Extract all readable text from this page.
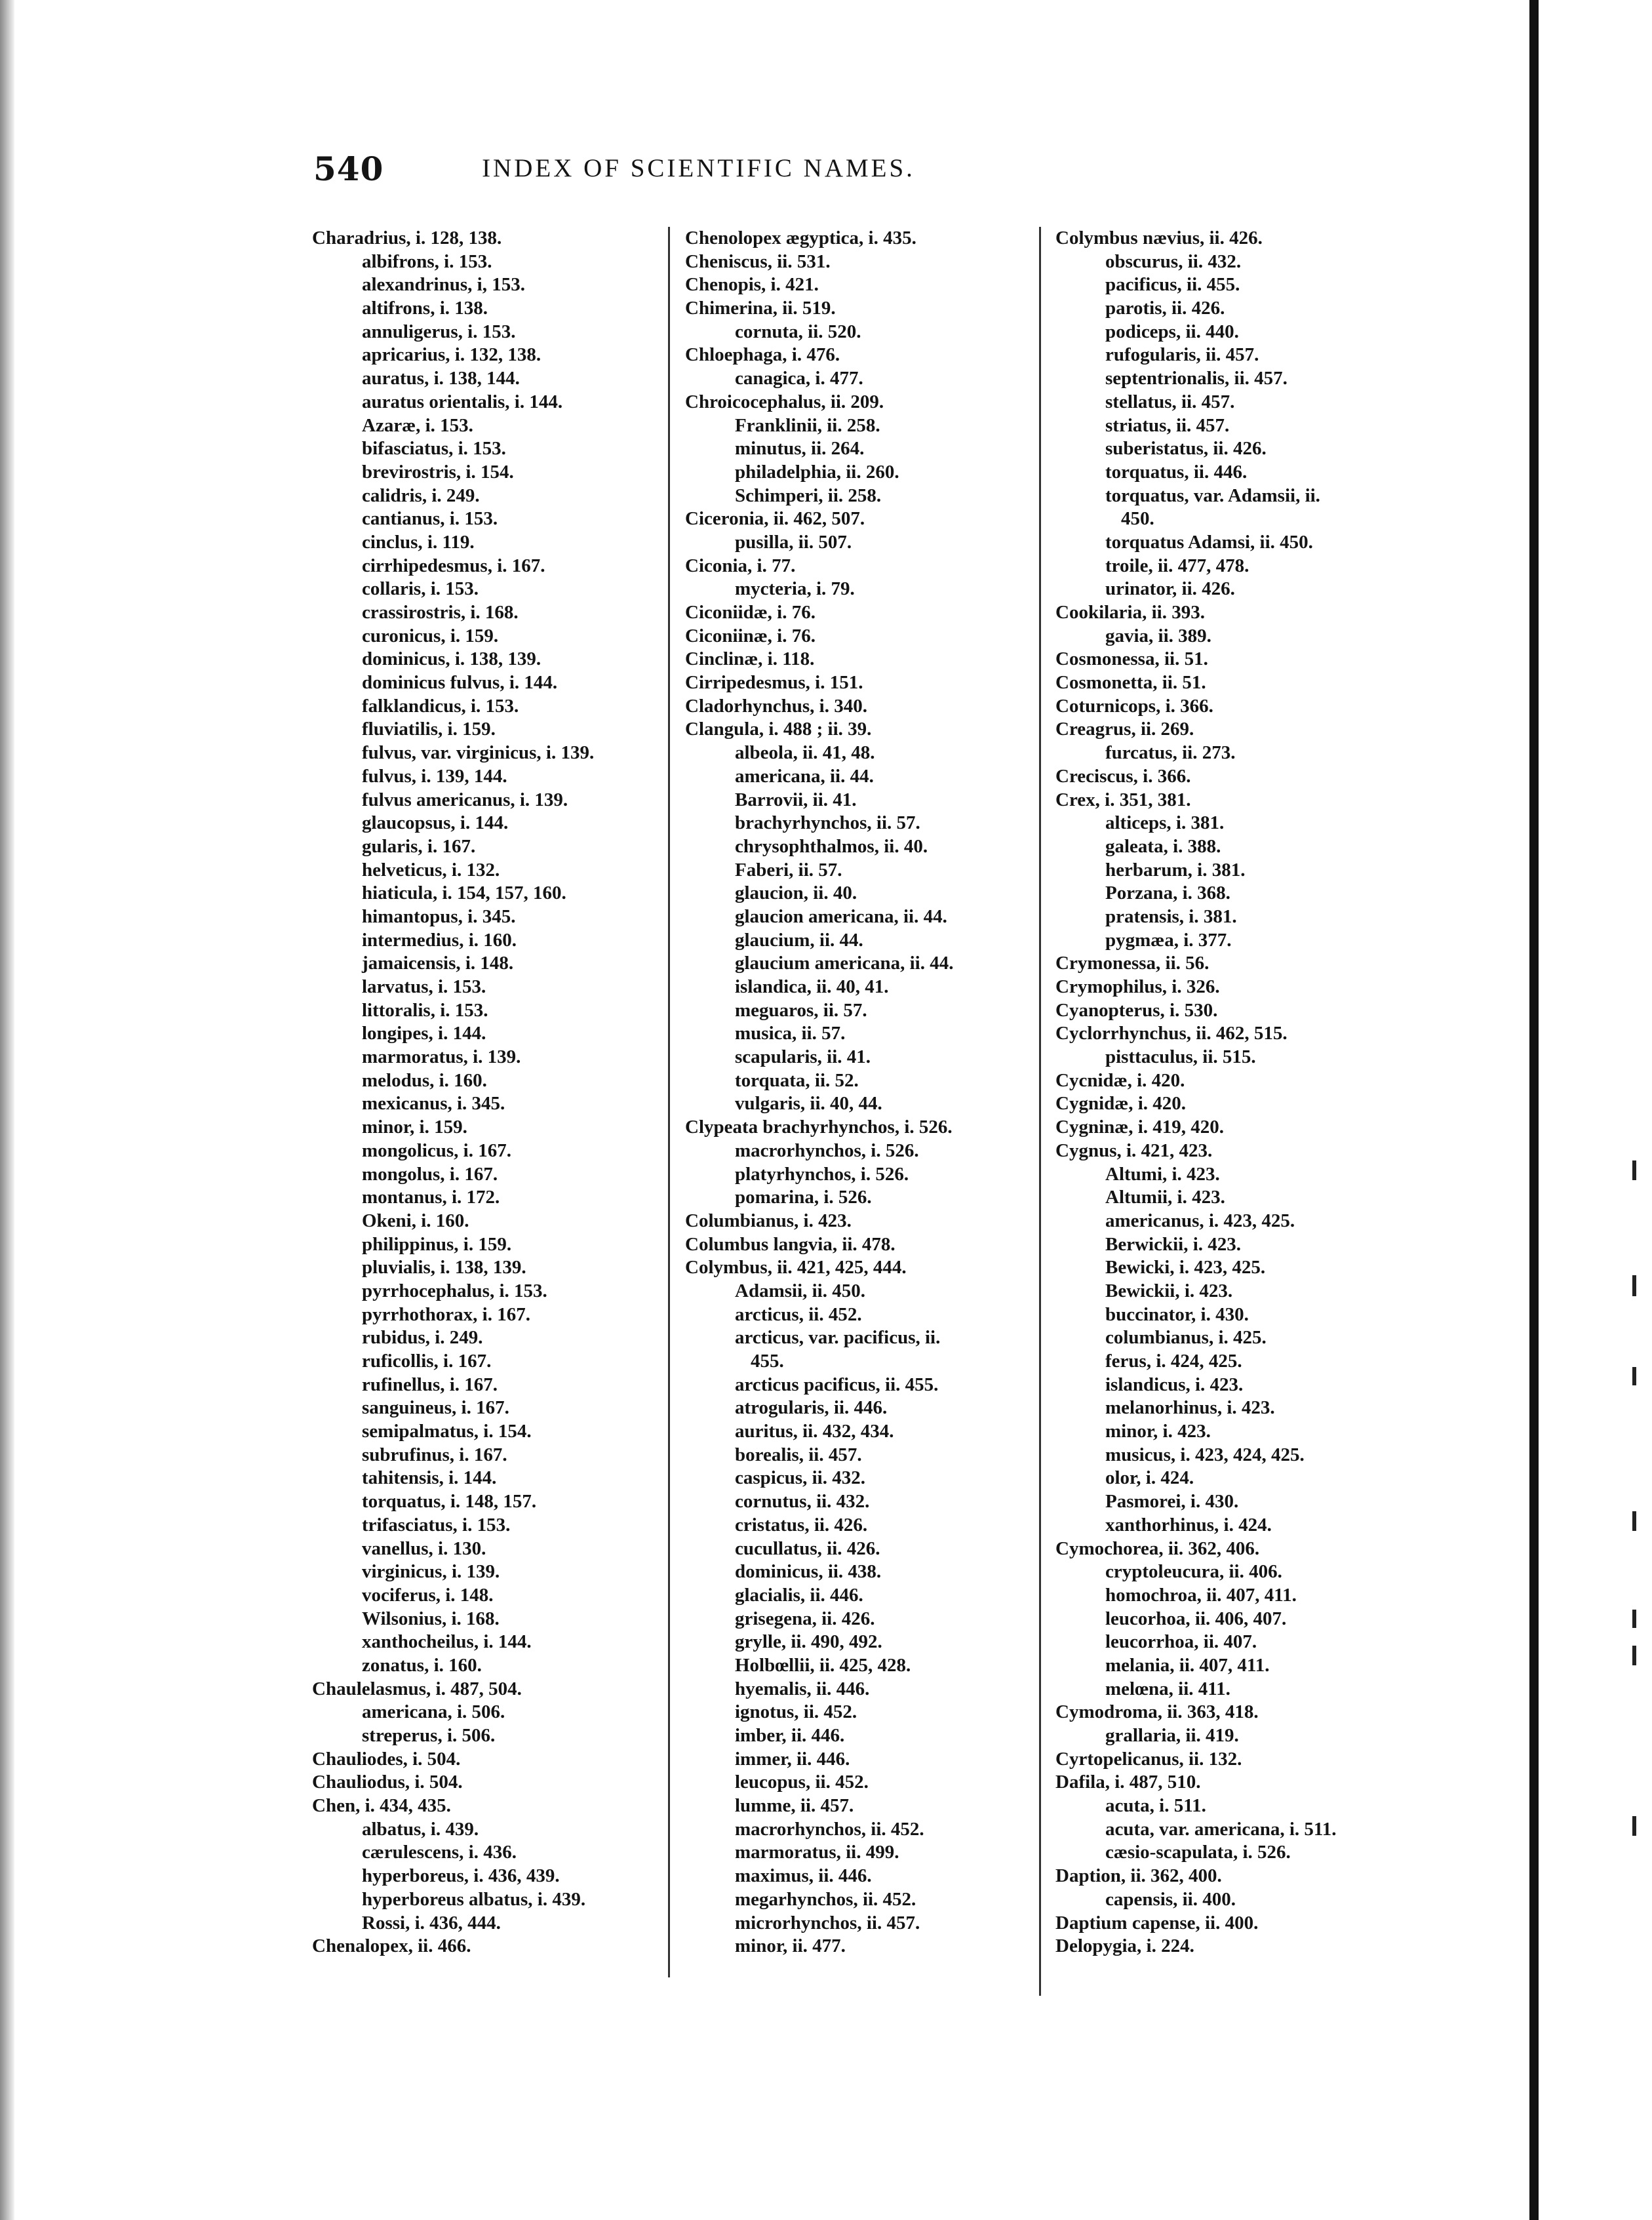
540	INDEX OF SCIENTIFIC NAMES.
Charadrius, i. 128, 138.
albifrons, i. 153.
alexandrinus, i, 153.
altifrons, i. 138.
annuligerus, i. 153.
apricarius, i. 132, 138.
auratus, i. 138, 144.
auratus orientalis, i. 144.
Azaræ, i. 153.
bifasciatus, i. 153.
brevirostris, i. 154.
calidris, i. 249.
cantianus, i. 153.
cinclus, i. 119.
cirrhipedesmus, i. 167.
collaris, i. 153.
crassirostris, i. 168.
curonicus, i. 159.
dominicus, i. 138, 139.
dominicus fulvus, i. 144.
falklandicus, i. 153.
fluviatilis, i. 159.
fulvus, var. virginicus, i. 139.
fulvus, i. 139, 144.
fulvus americanus, i. 139.
glaucopsus, i. 144.
gularis, i. 167.
helveticus, i. 132.
hiaticula, i. 154, 157, 160.
himantopus, i. 345.
intermedius, i. 160.
jamaicensis, i. 148.
larvatus, i. 153.
littoralis, i. 153.
longipes, i. 144.
marmoratus, i. 139.
melodus, i. 160.
mexicanus, i. 345.
minor, i. 159.
mongolicus, i. 167.
mongolus, i. 167.
montanus, i. 172.
Okeni, i. 160.
philippinus, i. 159.
pluvialis, i. 138, 139.
pyrrhocephalus, i. 153.
pyrrhothorax, i. 167.
rubidus, i. 249.
ruficollis, i. 167.
rufinellus, i. 167.
sanguineus, i. 167.
semipalmatus, i. 154.
subrufinus, i. 167.
tahitensis, i. 144.
torquatus, i. 148, 157.
trifasciatus, i. 153.
vanellus, i. 130.
virginicus, i. 139.
vociferus, i. 148.
Wilsonius, i. 168.
xanthocheilus, i. 144.
zonatus, i. 160.
Chaulelasmus, i. 487, 504.
americana, i. 506.
streperus, i. 506.
Chauliodes, i. 504.
Chauliodus, i. 504.
Chen, i. 434, 435.
albatus, i. 439.
cærulescens, i. 436.
hyperboreus, i. 436, 439.
hyperboreus albatus, i. 439.
Rossi, i. 436, 444.
Chenalopex, ii. 466.
Chenolopex ægyptica, i. 435.
Cheniscus, ii. 531.
Chenopis, i. 421.
Chimerina, ii. 519.
cornuta, ii. 520.
Chloephaga, i. 476.
canagica, i. 477.
Chroicocephalus, ii. 209.
Franklinii, ii. 258.
minutus, ii. 264.
philadelphia, ii. 260.
Schimperi, ii. 258.
Ciceronia, ii. 462, 507.
pusilla, ii. 507.
Ciconia, i. 77.
mycteria, i. 79.
Ciconiidæ, i. 76.
Ciconiinæ, i. 76.
Cinclinæ, i. 118.
Cirripedesmus, i. 151.
Cladorhynchus, i. 340.
Clangula, i. 488 ; ii. 39.
albeola, ii. 41, 48.
americana, ii. 44.
Barrovii, ii. 41.
brachyrhynchos, ii. 57.
chrysophthalmos, ii. 40.
Faberi, ii. 57.
glaucion, ii. 40.
glaucion americana, ii. 44.
glaucium, ii. 44.
glaucium americana, ii. 44.
islandica, ii. 40, 41.
meguaros, ii. 57.
musica, ii. 57.
scapularis, ii. 41.
torquata, ii. 52.
vulgaris, ii. 40, 44.
Clypeata brachyrhynchos, i. 526.
macrorhynchos, i. 526.
platyrhynchos, i. 526.
pomarina, i. 526.
Columbianus, i. 423.
Columbus langvia, ii. 478.
Colymbus, ii. 421, 425, 444.
Adamsii, ii. 450.
arcticus, ii. 452.
arcticus, var. pacificus, ii.
455.
arcticus pacificus, ii. 455.
atrogularis, ii. 446.
auritus, ii. 432, 434.
borealis, ii. 457.
caspicus, ii. 432.
cornutus, ii. 432.
cristatus, ii. 426.
cucullatus, ii. 426.
dominicus, ii. 438.
glacialis, ii. 446.
grisegena, ii. 426.
grylle, ii. 490, 492.
Holbœllii, ii. 425, 428.
hyemalis, ii. 446.
ignotus, ii. 452.
imber, ii. 446.
immer, ii. 446.
leucopus, ii. 452.
lumme, ii. 457.
macrorhynchos, ii. 452.
marmoratus, ii. 499.
maximus, ii. 446.
megarhynchos, ii. 452.
microrhynchos, ii. 457.
minor, ii. 477.
Colymbus nævius, ii. 426.
obscurus, ii. 432.
pacificus, ii. 455.
parotis, ii. 426.
podiceps, ii. 440.
rufogularis, ii. 457.
septentrionalis, ii. 457.
stellatus, ii. 457.
striatus, ii. 457.
suberistatus, ii. 426.
torquatus, ii. 446.
torquatus, var. Adamsii, ii.
450.
torquatus Adamsi, ii. 450.
troile, ii. 477, 478.
urinator, ii. 426.
Cookilaria, ii. 393.
gavia, ii. 389.
Cosmonessa, ii. 51.
Cosmonetta, ii. 51.
Coturnicops, i. 366.
Creagrus, ii. 269.
furcatus, ii. 273.
Creciscus, i. 366.
Crex, i. 351, 381.
alticeps, i. 381.
galeata, i. 388.
herbarum, i. 381.
Porzana, i. 368.
pratensis, i. 381.
pygmæa, i. 377.
Crymonessa, ii. 56.
Crymophilus, i. 326.
Cyanopterus, i. 530.
Cyclorrhynchus, ii. 462, 515.
pisttaculus, ii. 515.
Cycnidæ, i. 420.
Cygnidæ, i. 420.
Cygninæ, i. 419, 420.
Cygnus, i. 421, 423.
Altumi, i. 423.
Altumii, i. 423.
americanus, i. 423, 425.
Berwickii, i. 423.
Bewicki, i. 423, 425.
Bewickii, i. 423.
buccinator, i. 430.
columbianus, i. 425.
ferus, i. 424, 425.
islandicus, i. 423.
melanorhinus, i. 423.
minor, i. 423.
musicus, i. 423, 424, 425.
olor, i. 424.
Pasmorei, i. 430.
xanthorhinus, i. 424.
Cymochorea, ii. 362, 406.
cryptoleucura, ii. 406.
homochroa, ii. 407, 411.
leucorhoa, ii. 406, 407.
leucorrhoa, ii. 407.
melania, ii. 407, 411.
melœna, ii. 411.
Cymodroma, ii. 363, 418.
grallaria, ii. 419.
Cyrtopelicanus, ii. 132.
Dafila, i. 487, 510.
acuta, i. 511.
acuta, var. americana, i. 511.
cæsio-scapulata, i. 526.
Daption, ii. 362, 400.
capensis, ii. 400.
Daptium capense, ii. 400.
Delopygia, i. 224.
